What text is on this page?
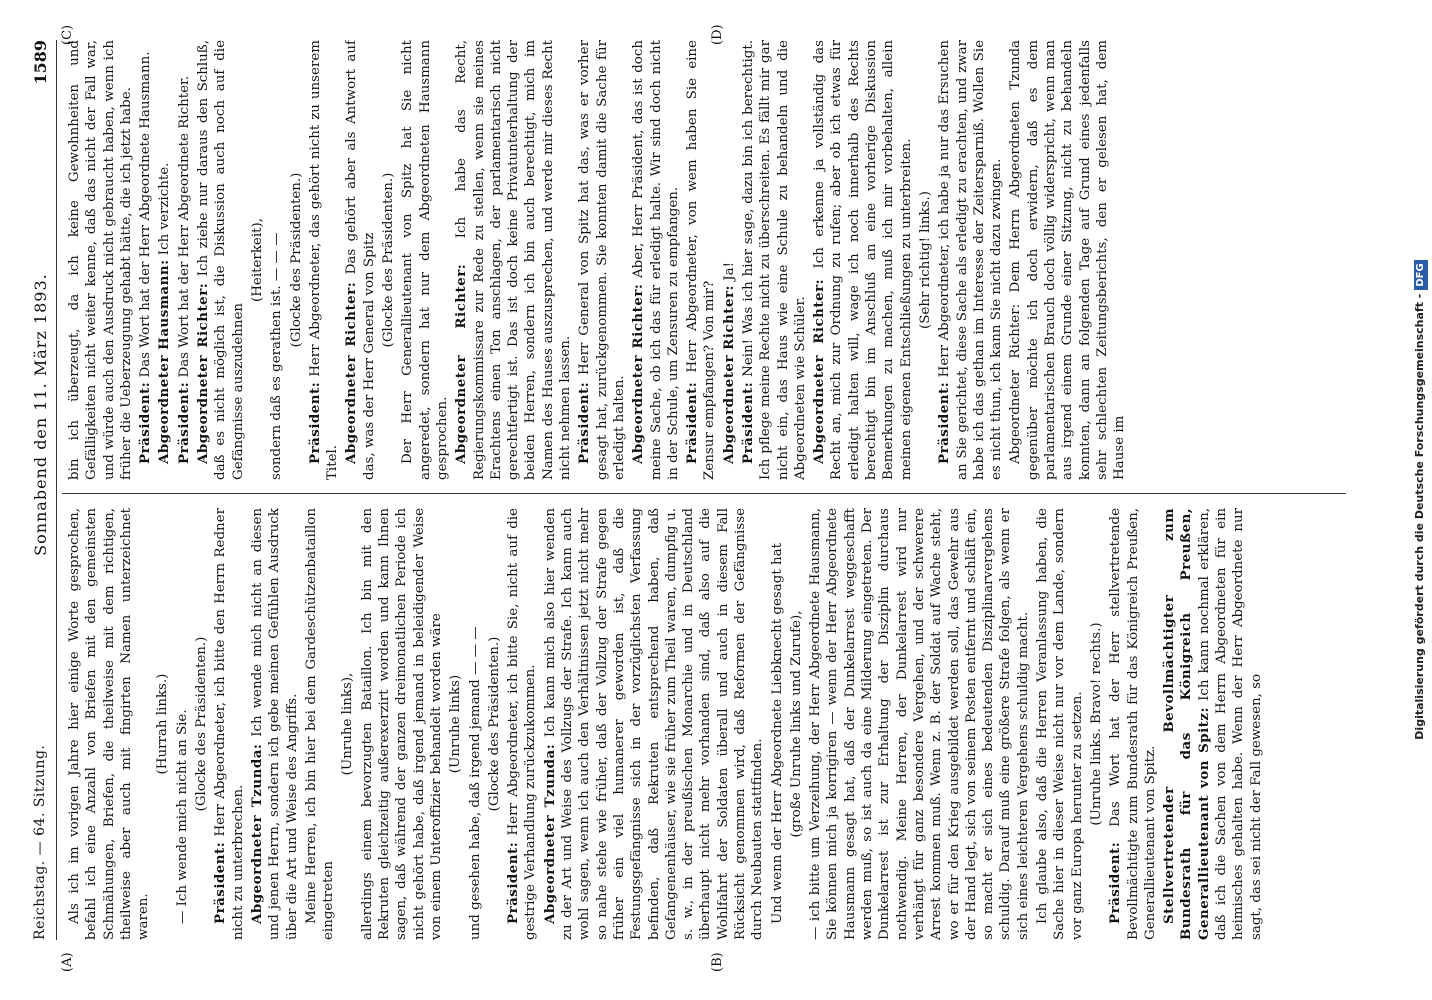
Reichstag. — 64. Sitzung.
Sonnabend den 11. März 1893.
1589
(A)	(B)
(C)	(D)

Als ich im vorigen Jahre hier einige Worte gesprochen, befahl ich eine Anzahl von Briefen mit den gemeinsten Schmähungen, Briefen, die theilweise mit dem richtigen, theilweise aber auch mit fingirten Namen unterzeichnet waren.

(Hurrah links.) — Ich wende mich nicht an Sie. (Glocke des Präsidenten.)

Präsident: Herr Abgeordneter, ich bitte den Herrn Redner nicht zu unterbrechen. Abgeordneter Tzunda: Ich wende mich nicht an diesen und jenen Herrn, sondern ich gebe meinen Gefühlen Ausdruck über die Art und Weise des Angriffs. Meine Herren, ich bin hier bei dem Gardeschützenbataillon eingetreten

(Unruhe links), allerdings einem bevorzugten Bataillon. Ich bin mit den Rekruten gleichzeitig außerexerzirt worden und kann Ihnen sagen, daß während der ganzen dreimonatlichen Periode ich nicht gehört habe, daß irgend jemand in beleidigender Weise von einem Unteroffizier behandelt worden wäre (Unruhe links) und gesehen habe, daß irgend jemand — — — (Glocke des Präsidenten.)

Präsident: Herr Abgeordneter, ich bitte Sie, nicht auf die gestrige Verhandlung zurückzukommen. Abgeordneter Tzunda: Ich kann mich also hier wenden zu der Art und Weise des Vollzugs der Strafe. Ich kann auch wohl sagen, wenn ich auch den Verhältnissen jetzt nicht mehr so nahe stehe wie früher, daß der Vollzug der Strafe gegen früher ein viel humanerer geworden ist, daß die Festungsgefängnisse sich in der vorzüglichsten Verfassung befinden, daß Rekruten entsprechend haben, daß Gefangenenhäuser, wie sie früher zum Theil waren, dumpfig u. s. w., in der preußischen Monarchie und in Deutschland überhaupt nicht mehr vorhanden sind, daß also auf die Wohlfahrt der Soldaten überall und auch in diesem Fall Rücksicht genommen wird, daß Reformen der Gefängnisse durch Neubauten stattfinden. Und wenn der Herr Abgeordnete Liebknecht gesagt hat (große Unruhe links und Zurufe), — ich bitte um Verzeihung, der Herr Abgeordnete Hausmann, Sie können mich ja korrigiren — wenn der Herr Abgeordnete Hausmann gesagt hat, daß der Dunkelarrest weggeschafft werden muß, so ist auch da eine Milderung eingetreten. Der Dunkelarrest ist zur Erhaltung der Disziplin durchaus nothwendig. Meine Herren, der Dunkelarrest wird nur verhängt für ganz besondere Vergehen, und der schwerere Arrest kommen muß. Wenn z. B. der Soldat auf Wache steht, wo er für den Krieg ausgebildet werden soll, das Gewehr aus der Hand legt, sich von seinem Posten entfernt und schläft ein, so macht er sich eines bedeutenden Disziplinarvergehens schuldig. Darauf muß eine größere Strafe folgen, als wenn er sich eines leichteren Vergehens schuldig macht. Ich glaube also, daß die Herren Veranlassung haben, die Sache hier in dieser Weise nicht nur vor dem Lande, sondern vor ganz Europa herunter zu setzen. (Unruhe links. Bravo! rechts.)

Präsident: Das Wort hat der Herr stellvertretende Bevollmächtigte zum Bundesrath für das Königreich Preußen, Generallieutenant von Spitz. Stellvertretender Bevollmächtigter zum Bundesrath für das Königreich Preußen, Generallieutenant von Spitz: Ich kann nochmal erklären, daß ich die Sachen von dem Herrn Abgeordneten für ein heimisches gehalten habe. Wenn der Herr Abgeordnete nur sagt, das sei nicht der Fall gewesen, so

bin ich überzeugt, da ich keine Gewohnheiten und Gefälligkeiten nicht weiter kenne, daß das nicht der Fall war, und würde auch den Ausdruck nicht gebraucht haben, wenn ich früher die Ueberzeugung gehabt hätte, die ich jetzt habe. Präsident: Das Wort hat der Herr Abgeordnete Hausmann. Abgeordneter Hausmann: Ich verzichte.

Präsident: Das Wort hat der Herr Abgeordnete Richter. Abgeordneter Richter: Ich ziehe nur daraus den Schluß, daß es nicht möglich ist, die Diskussion auch noch auf die Gefängnisse auszudehnen

(Heiterkeit), sondern daß es gerathen ist. — — — (Glocke des Präsidenten.)

Präsident: Herr Abgeordneter, das gehört nicht zu unserem Titel. Abgeordneter Richter: Das gehört aber als Antwort auf das, was der Herr General von Spitz (Glocke des Präsidenten.) Der Herr Generallieutenant von Spitz hat Sie nicht angeredet, sondern hat nur dem Abgeordneten Hausmann gesprochen. Abgeordneter Richter: Ich habe das Recht, Regierungskommissare zur Rede zu stellen, wenn sie meines Erachtens einen Ton anschlagen, der parlamentarisch nicht gerechtfertigt ist. Das ist doch keine Privatunterhaltung der beiden Herren, sondern ich bin auch berechtigt, mich im Namen des Hauses auszusprechen, und werde mir dieses Recht nicht nehmen lassen. Präsident: Herr General von Spitz hat das, was er vorher gesagt hat, zurückgenommen. Sie konnten damit die Sache für erledigt halten. Abgeordneter Richter: Aber, Herr Präsident, das ist doch meine Sache, ob ich das für erledigt halte. Wir sind doch nicht in der Schule, um Zensuren zu empfangen. Präsident: Herr Abgeordneter, von wem haben Sie eine Zensur empfangen? Von mir? Abgeordneter Richter: Ja!

Präsident: Nein! Was ich hier sage, dazu bin ich berechtigt. Ich pflege meine Rechte nicht zu überschreiten. Es fällt mir gar nicht ein, das Haus wie eine Schule zu behandeln und die Abgeordneten wie Schüler. Abgeordneter Richter: Ich erkenne ja vollständig das Recht an, mich zur Ordnung zu rufen; aber ob ich etwas für erledigt halten will, wage ich noch innerhalb des Rechts berechtigt bin im Anschluß an eine vorherige Diskussion Bemerkungen zu machen, muß ich mir vorbehalten, allein meinen eigenen Entschließungen zu unterbreiten. (Sehr richtig! links.)

Präsident: Herr Abgeordneter, ich habe ja nur das Ersuchen an Sie gerichtet, diese Sache als erledigt zu erachten, und zwar habe ich das gethan im Interesse der Zeitersparniß. Wollen Sie es nicht thun, ich kann Sie nicht dazu zwingen. Abgeordneter Richter: Dem Herrn Abgeordneten Tzunda gegenüber möchte ich doch erwidern, daß es dem parlamentarischen Brauch doch völlig widerspricht, wenn man aus irgend einem Grunde einer Sitzung, nicht zu behandeln konnten, dann an folgenden Tage auf Grund eines jedenfalls sehr schlechten Zeitungsberichts, den er gelesen hat, dem Hause im	Digitalisierung gefördert durch die Deutsche Forschungsgemeinschaft -DFG
